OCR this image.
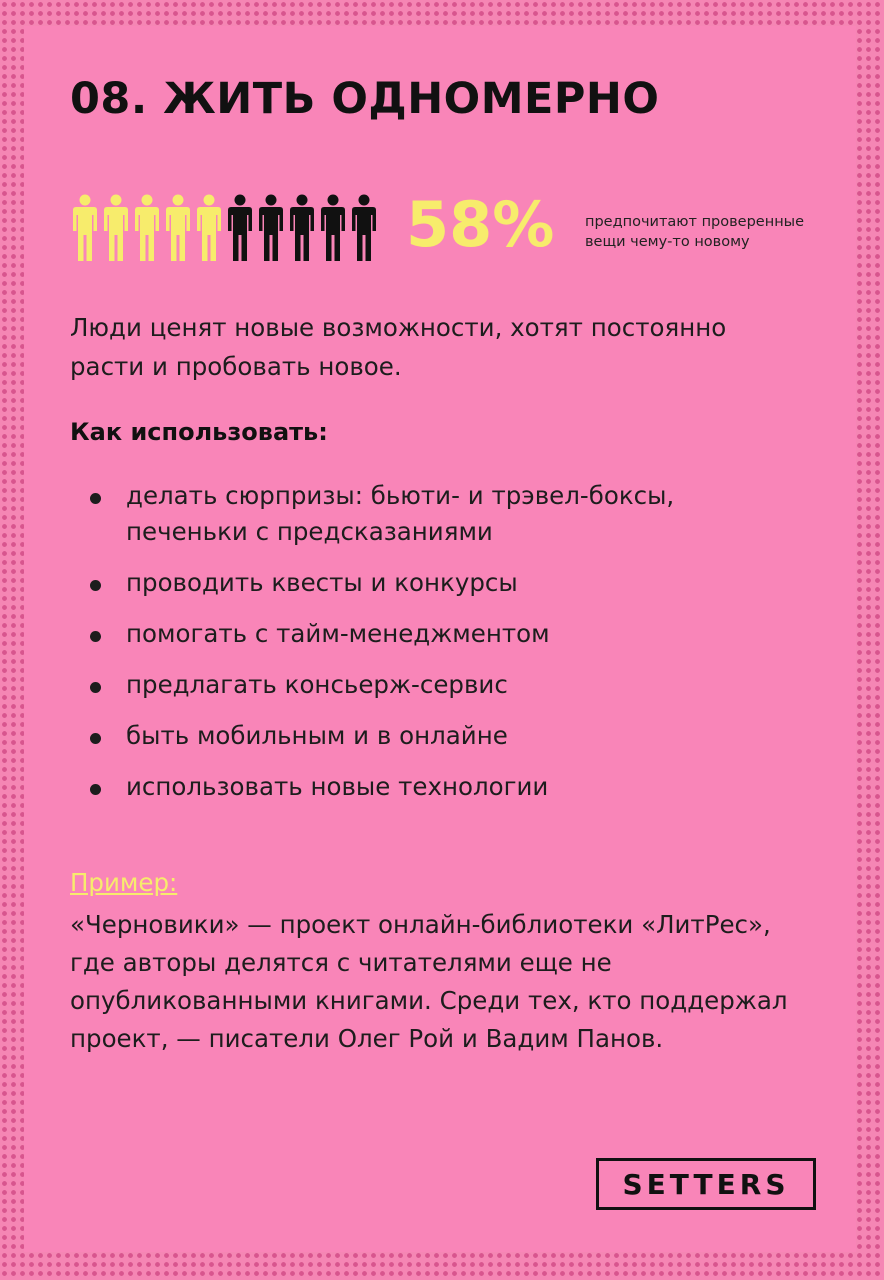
08. ЖИТЬ ОДНОМЕРНО
58% предпочитают проверенные вещи чему-то новому

Люди ценят новые возможности, хотят постоянно расти и пробовать новое.

Как использовать:
делать сюрпризы: бьюти- и трэвел-боксы, печеньки с предсказаниями
проводить квесты и конкурсы
помогать с тайм-менеджментом
предлагать консьерж-сервис
быть мобильным и в онлайне
использовать новые технологии

Пример:

«Черновики» — проект онлайн-библиотеки «ЛитРес», где авторы делятся с читателями еще не опубликованными книгами. Среди тех, кто поддержал проект, — писатели Олег Рой и Вадим Панов.

SETTERS
